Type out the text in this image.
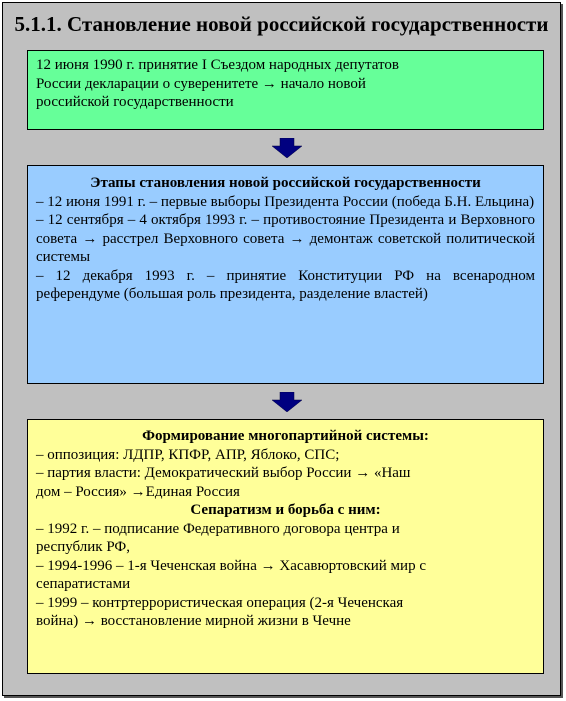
5.1.1. Становление новой российской государственности
12 июня 1990 г. принятие I Съездом народных депутатов
России декларации о суверенитете → начало новой
российской государственности
Этапы становления новой российской государственности
– 12 июня 1991 г. – первые выборы Президента России (победа Б.Н. Ельцина)
– 12 сентября – 4 октября 1993 г. – противостояние Президента и Верховного совета → расстрел Верховного совета → демонтаж советской политической системы
– 12 декабря 1993 г. – принятие Конституции РФ на всенародном референдуме (большая роль президента, разделение властей)
Формирование многопартийной системы:
– оппозиция: ЛДПР, КПФР, АПР, Яблоко, СПС;
– партия власти: Демократический выбор России → «Наш
дом – Россия» →Единая Россия
Сепаратизм и борьба с ним:
– 1992 г. – подписание Федеративного договора центра и
республик РФ,
– 1994-1996 – 1-я Чеченская война → Хасавюртовский мир с
сепаратистами
– 1999 – контртеррористическая операция (2-я Чеченская
война) → восстановление мирной жизни в Чечне
